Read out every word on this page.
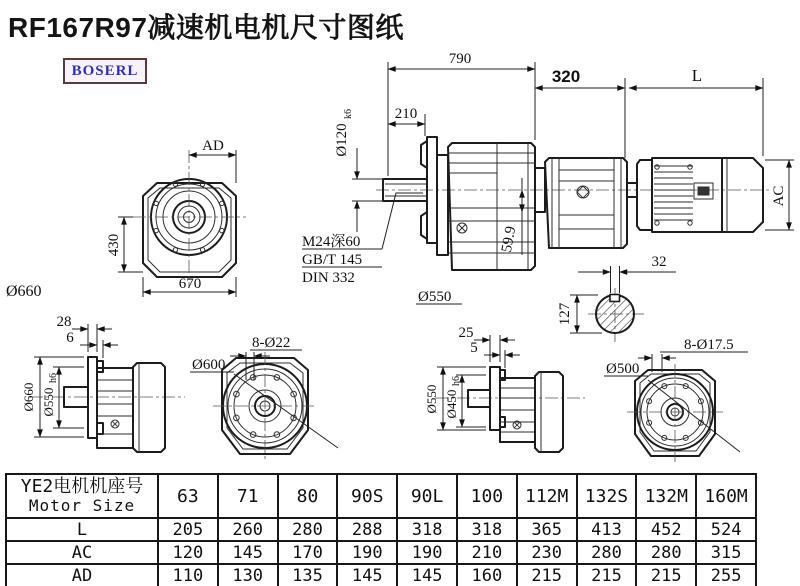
RF167R97减速机电机尺寸图纸
BOSERL
AD
430
670
Ø660
790
210
320	L
AC
Ø120
k6
M24深60
GB/T 145
DIN 332
Ø550
59.9
32
127
28
6
Ø660 Ø550
h6
Ø600
8-Ø22
25
5
Ø550 Ø450
h6
Ø500
8-Ø17.5
YE2电机机座号
Motor Size	63	71	80	90S	90L	100	112M	132S	132M	160M
L	205	260	280	288	318	318	365	413	452	524
AC	120	145	170	190	190	210	230	280	280	315
AD	110	130	135	145	145	160	215	215	215	255
